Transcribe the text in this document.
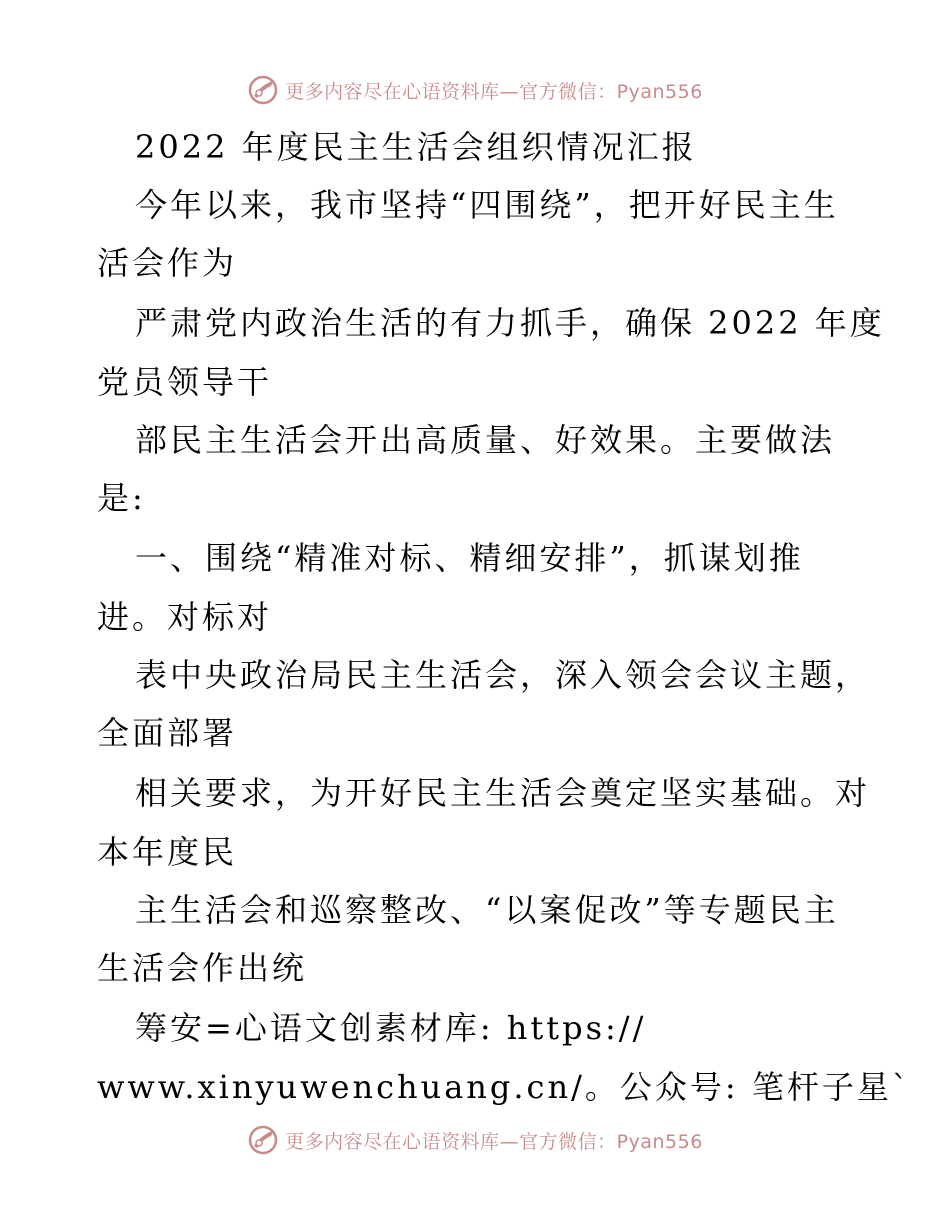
更多内容尽在心语资料库—官方微信：Pyan556
2022 年度民主生活会组织情况汇报
今年以来，我市坚持“四围绕”，把开好民主生
活会作为
严肃党内政治生活的有力抓手，确保 2022 年度
党员领导干
部民主生活会开出高质量、好效果。主要做法
是:
一、围绕“精准对标、精细安排”，抓谋划推
进。对标对
表中央政治局民主生活会，深入领会会议主题，
全面部署
相关要求，为开好民主生活会奠定坚实基础。对
本年度民
主生活会和巡察整改、“以案促改”等专题民主
生活会作出统
筹安=心语文创素材库: https://
www.xinyuwenchuang.cn/。公众号: 笔杆子星`
更多内容尽在心语资料库—官方微信：Pyan556
